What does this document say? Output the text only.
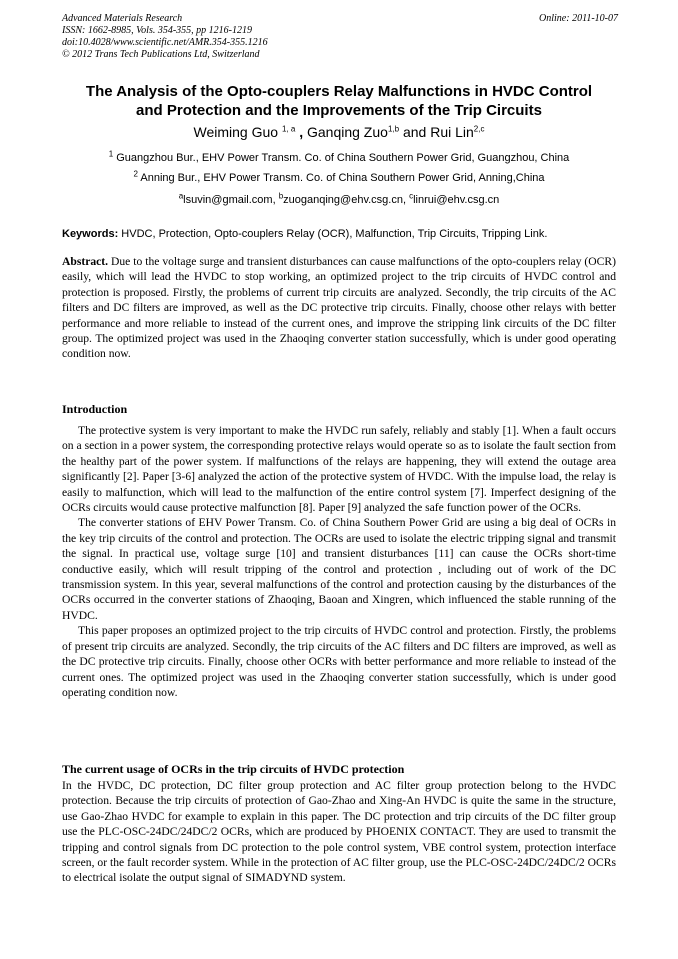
Advanced Materials Research
ISSN: 1662-8985, Vols. 354-355, pp 1216-1219
doi:10.4028/www.scientific.net/AMR.354-355.1216
© 2012 Trans Tech Publications Ltd, Switzerland
Online: 2011-10-07
The Analysis of the Opto-couplers Relay Malfunctions in HVDC Control
and Protection and the Improvements of the Trip Circuits
Weiming Guo $^{1, a}$ , Ganqing Zuo$^{1,b}$ and Rui Lin$^{2,c}$
$^1$ Guangzhou Bur., EHV Power Transm. Co. of China Southern Power Grid, Guangzhou, China
$^2$ Anning Bur., EHV Power Transm. Co. of China Southern Power Grid, Anning,China
$^a$lsuvin@gmail.com, $^b$zuoganqing@ehv.csg.cn, $^c$linrui@ehv.csg.cn
Keywords: HVDC, Protection, Opto-couplers Relay (OCR), Malfunction, Trip Circuits, Tripping Link.

Abstract. Due to the voltage surge and transient disturbances can cause malfunctions of the opto-couplers relay (OCR) easily, which will lead the HVDC to stop working, an optimized project to the trip circuits of HVDC control and protection is proposed. Firstly, the problems of current trip circuits are analyzed. Secondly, the trip circuits of the AC filters and DC filters are improved, as well as the DC protective trip circuits. Finally, choose other relays with better performance and more reliable to instead of the current ones, and improve the stripping link circuits of the DC filter group. The optimized project was used in the Zhaoqing converter station successfully, which is under good operating condition now.

Introduction

The protective system is very important to make the HVDC run safely, reliably and stably [1]. When a fault occurs on a section in a power system, the corresponding protective relays would operate so as to isolate the fault section from the healthy part of the power system. If malfunctions of the relays are happening, they will extend the outage area significantly [2]. Paper [3-6] analyzed the action of the protective system of HVDC. With the impulse load, the relay is easily to malfunction, which will lead to the malfunction of the entire control system [7]. Imperfect designing of the OCRs circuits would cause protective malfunction [8]. Paper [9] analyzed the safe function power of the OCRs.

The converter stations of EHV Power Transm. Co. of China Southern Power Grid are using a big deal of OCRs in the key trip circuits of the control and protection. The OCRs are used to isolate the electric tripping signal and transmit the signal. In practical use, voltage surge [10] and transient disturbances [11] can cause the OCRs short-time conductive easily, which will result tripping of the control and protection , including out of work of the DC transmission system. In this year, several malfunctions of the control and protection causing by the disturbances of the OCRs occurred in the converter stations of Zhaoqing, Baoan and Xingren, which influenced the stable running of the HVDC.

This paper proposes an optimized project to the trip circuits of HVDC control and protection. Firstly, the problems of present trip circuits are analyzed. Secondly, the trip circuits of the AC filters and DC filters are improved, as well as the DC protective trip circuits. Finally, choose other OCRs with better performance and more reliable to instead of the current ones. The optimized project was used in the Zhaoqing converter station successfully, which is under good operating condition now.

The current usage of OCRs in the trip circuits of HVDC protection

In the HVDC, DC protection, DC filter group protection and AC filter group protection belong to the HVDC protection. Because the trip circuits of protection of Gao-Zhao and Xing-An HVDC is quite the same in the structure, use Gao-Zhao HVDC for example to explain in this paper. The DC protection and trip circuits of the DC filter group use the PLC-OSC-24DC/24DC/2 OCRs, which are produced by PHOENIX CONTACT. They are used to transmit the tripping and control signals from DC protection to the pole control system, VBE control system, protection interface screen, or the fault recorder system. While in the protection of AC filter group, use the PLC-OSC-24DC/24DC/2 OCRs to electrical isolate the output signal of SIMADYND system.
